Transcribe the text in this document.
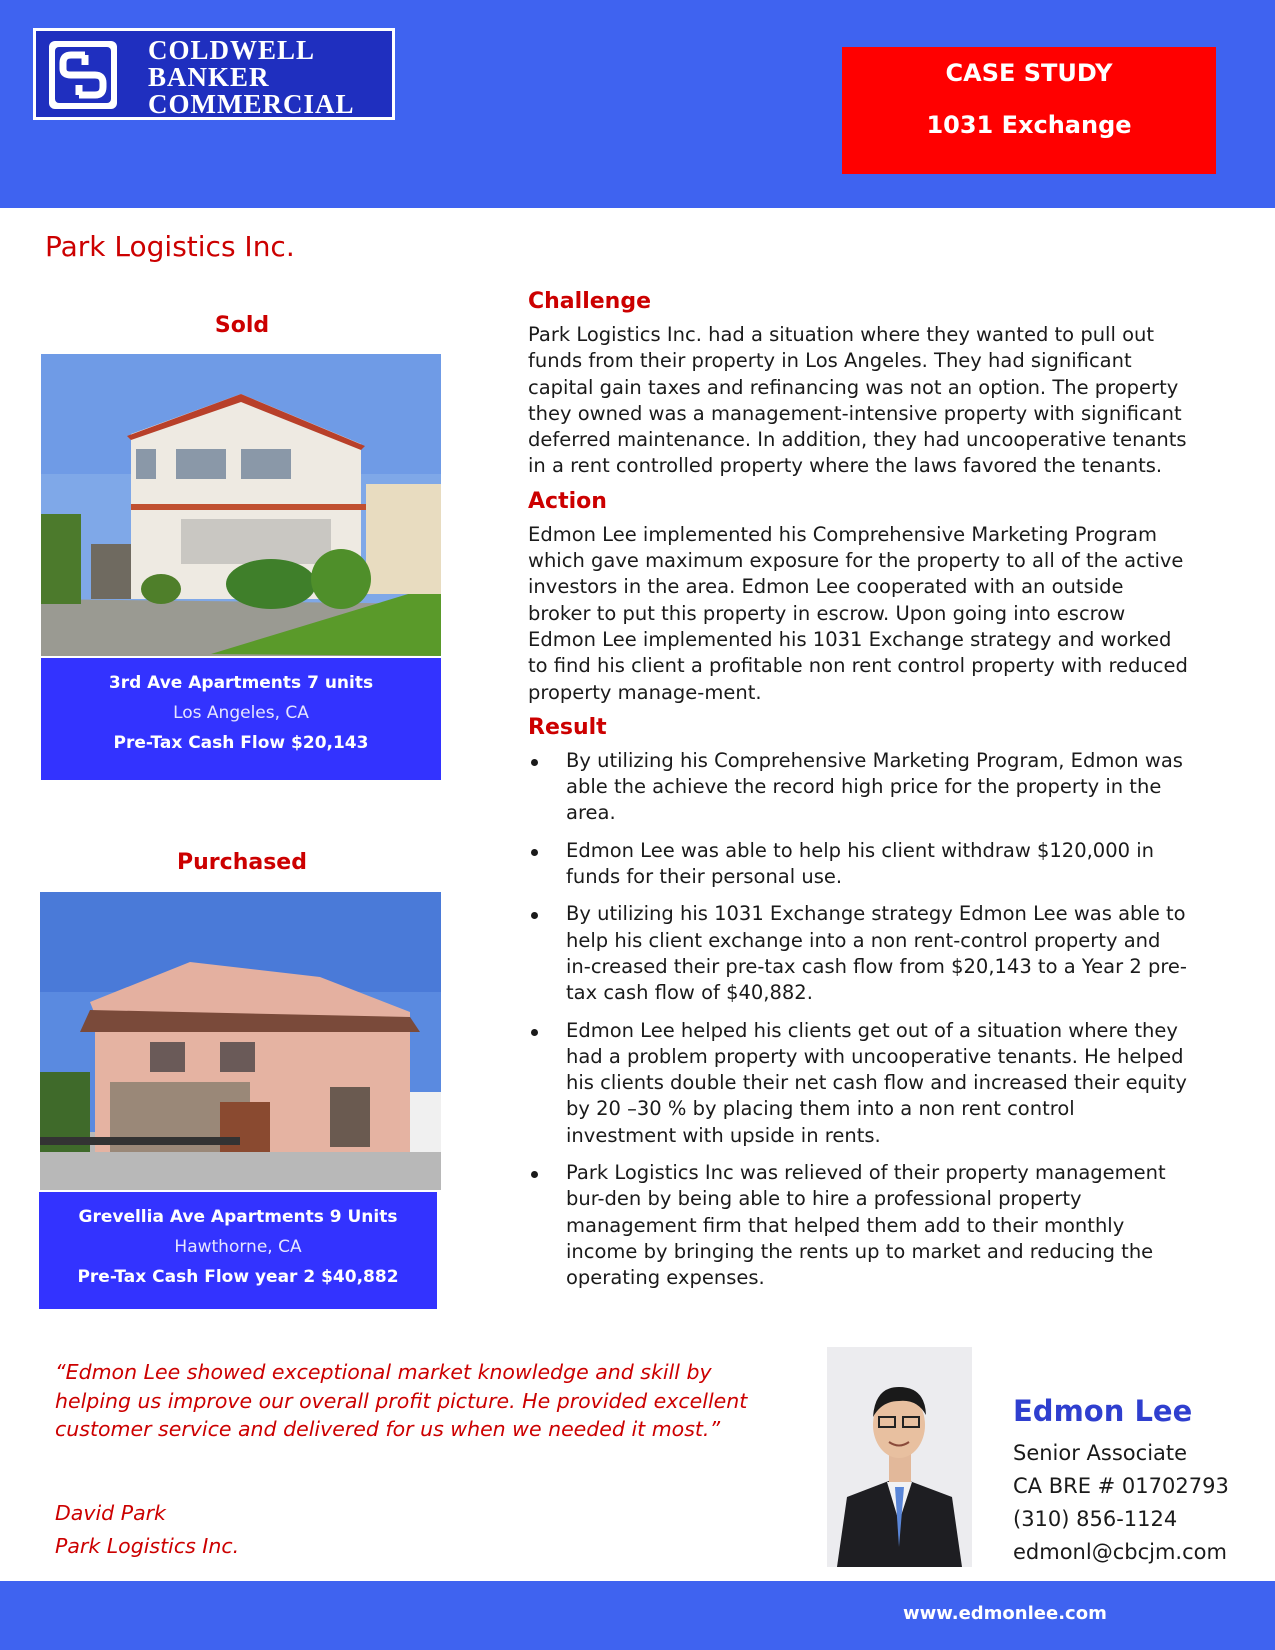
COLDWELL
BANKER
COMMERCIAL
CASE STUDY
1031 Exchange
Park Logistics Inc.
Sold
3rd Ave Apartments 7 units
Los Angeles, CA
Pre-Tax Cash Flow $20,143
Purchased
Grevellia Ave Apartments 9 Units
Hawthorne, CA
Pre-Tax Cash Flow year 2 $40,882
Challenge
Park Logistics Inc. had a situation where they wanted to pull out funds from their property in Los Angeles. They had significant capital gain taxes and refinancing was not an option. The property they owned was a management-intensive property with significant deferred maintenance. In addition, they had uncooperative tenants in a rent controlled property where the laws favored the tenants.
Action
Edmon Lee implemented his Comprehensive Marketing Program which gave maximum exposure for the property to all of the active investors in the area. Edmon Lee cooperated with an outside broker to put this property in escrow. Upon going into escrow Edmon Lee implemented his 1031 Exchange strategy and worked to find his client a profitable non rent control property with reduced property manage-ment.
Result
By utilizing his Comprehensive Marketing Program, Edmon was able the achieve the record high price for the property in the area.
Edmon Lee was able to help his client withdraw $120,000 in funds for their personal use.
By utilizing his 1031 Exchange strategy Edmon Lee was able to help his client exchange into a non rent-control property and in-creased their pre-tax cash flow from $20,143 to a Year 2 pre-tax cash flow of $40,882.
Edmon Lee helped his clients get out of a situation where they had a problem property with uncooperative tenants. He helped his clients double their net cash flow and increased their equity by 20 –30 % by placing them into a non rent control investment with upside in rents.
Park Logistics Inc was relieved of their property management bur-den by being able to hire a professional property management firm that helped them add to their monthly income by bringing the rents up to market and reducing the operating expenses.
“Edmon Lee showed exceptional market knowledge and skill by helping us improve our overall profit picture. He provided excellent customer service and delivered for us when we needed it most.”
David Park
Park Logistics Inc.
Edmon Lee
Senior Associate
CA BRE # 01702793
(310) 856-1124
edmonl@cbcjm.com
www.edmonlee.com
